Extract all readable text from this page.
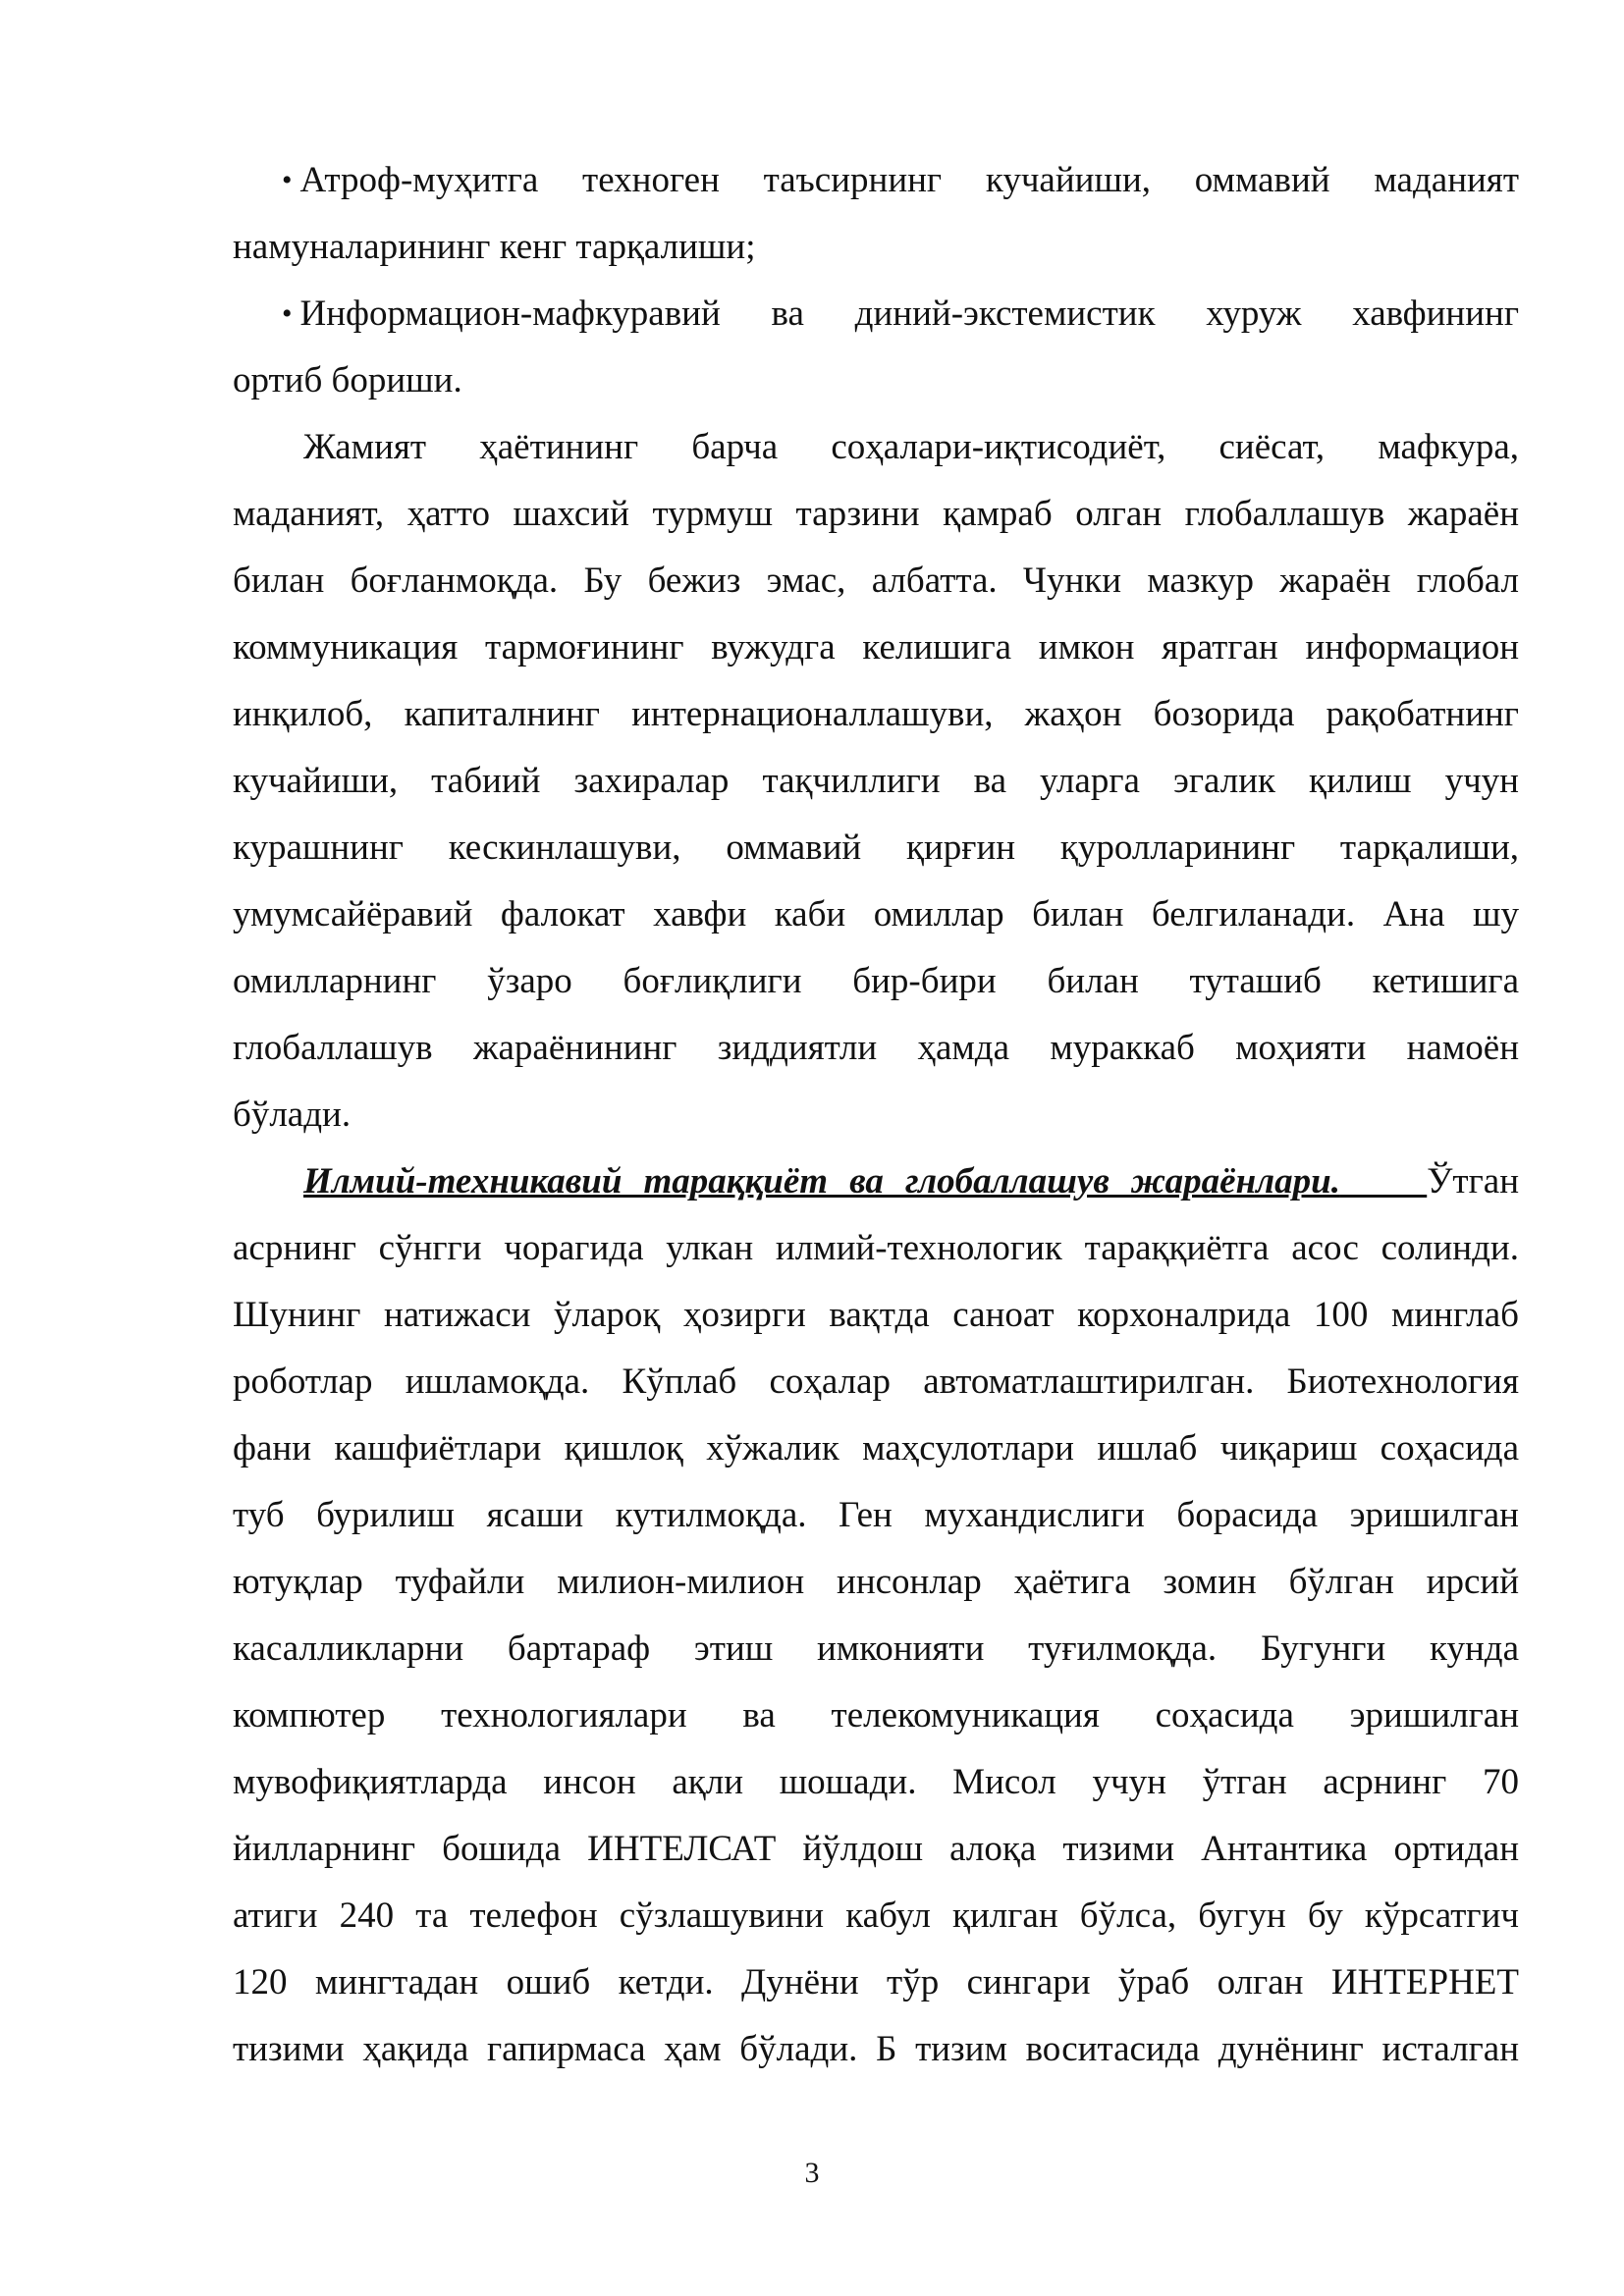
• Атроф-муҳитга техноген таъсирнинг кучайиши, оммавий маданият
намуналарининг кенг тарқалиши;
• Информацион-мафкуравий ва диний-экстемистик хуруж хавфининг
ортиб бориши.
Жамият ҳаётининг барча соҳалари-иқтисодиёт, сиёсат, мафкура,
маданият, ҳатто шахсий турмуш тарзини қамраб олган глобаллашув жараён
билан боғланмоқда. Бу бежиз эмас, албатта. Чунки мазкур жараён глобал
коммуникация тармоғининг вужудга келишига имкон яратган информацион
инқилоб, капиталнинг интернационаллашуви, жаҳон бозорида рақобатнинг
кучайиши, табиий захиралар тақчиллиги ва уларга эгалик қилиш учун
курашнинг кескинлашуви, оммавий қирғин қуролларининг тарқалиши,
умумсайёравий фалокат хавфи каби омиллар билан белгиланади. Ана шу
омилларнинг ўзаро боғлиқлиги бир-бири билан туташиб кетишига
глобаллашув жараёнининг зиддиятли ҳамда мураккаб моҳияти намоён
бўлади.
Илмий-техникавий тараққиёт ва глобаллашув жараёнлари. Ўтган
асрнинг сўнгги чорагида улкан илмий-технологик тараққиётга асос солинди.
Шунинг натижаси ўлароқ ҳозирги вақтда саноат корхоналрида 100 минглаб
роботлар ишламоқда. Кўплаб соҳалар автоматлаштирилган. Биотехнология
фани кашфиётлари қишлоқ хўжалик маҳсулотлари ишлаб чиқариш соҳасида
туб бурилиш ясаши кутилмоқда. Ген мухандислиги борасида эришилган
ютуқлар туфайли милион-милион инсонлар ҳаётига зомин бўлган ирсий
касалликларни бартараф этиш имконияти туғилмоқда. Бугунги кунда
компютер технологиялари ва телекомуникация соҳасида эришилган
мувофиқиятларда инсон ақли шошади. Мисол учун ўтган асрнинг 70
йилларнинг бошида ИНТЕЛСАТ йўлдош алоқа тизими Антантика ортидан
атиги 240 та телефон сўзлашувини кабул қилган бўлса, бугун бу кўрсатгич
120 мингтадан ошиб кетди. Дунёни тўр сингари ўраб олган ИНТЕРНЕТ
тизими ҳақида гапирмаса ҳам бўлади. Б тизим воситасида дунёнинг исталган
3
